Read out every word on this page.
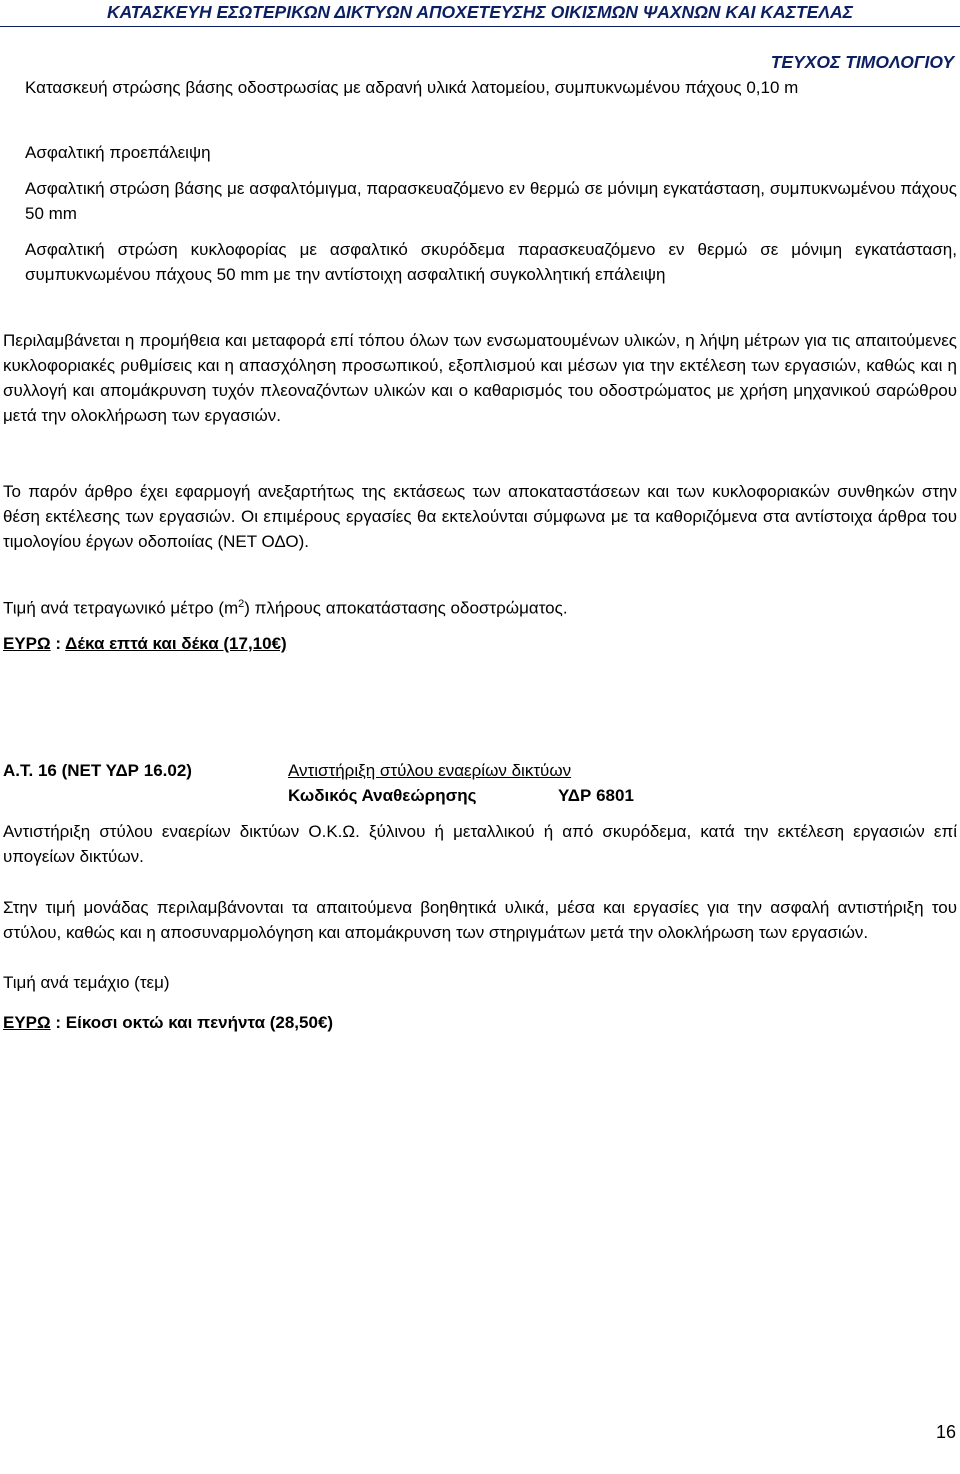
ΚΑΤΑΣΚΕΥΗ ΕΣΩΤΕΡΙΚΩΝ ΔΙΚΤΥΩΝ ΑΠΟΧΕΤΕΥΣΗΣ ΟΙΚΙΣΜΩΝ ΨΑΧΝΩΝ ΚΑΙ ΚΑΣΤΕΛΑΣ
ΤΕΥΧΟΣ ΤΙΜΟΛΟΓΙΟΥ
Κατασκευή στρώσης βάσης οδοστρωσίας με αδρανή υλικά λατομείου, συμπυκνωμένου πάχους 0,10 m
Ασφαλτική προεπάλειψη
Ασφαλτική στρώση βάσης με ασφαλτόμιγμα, παρασκευαζόμενο εν θερμώ σε μόνιμη εγκατάσταση, συμπυκνωμένου πάχους 50 mm
Ασφαλτική στρώση κυκλοφορίας με ασφαλτικό σκυρόδεμα παρασκευαζόμενο εν θερμώ σε μόνιμη εγκατάσταση, συμπυκνωμένου πάχους 50 mm με την αντίστοιχη ασφαλτική συγκολλητική επάλειψη
Περιλαμβάνεται η προμήθεια και μεταφορά επί τόπου όλων των ενσωματουμένων υλικών, η λήψη μέτρων για τις απαιτούμενες κυκλοφοριακές ρυθμίσεις και η απασχόληση προσωπικού, εξοπλισμού και μέσων για την εκτέλεση των εργασιών, καθώς και η συλλογή και απομάκρυνση τυχόν πλεοναζόντων υλικών και ο καθαρισμός του οδοστρώματος με χρήση μηχανικού σαρώθρου μετά την ολοκλήρωση των εργασιών.
Το παρόν άρθρο έχει εφαρμογή ανεξαρτήτως της εκτάσεως των αποκαταστάσεων και των κυκλοφοριακών συνθηκών στην θέση εκτέλεσης των εργασιών. Οι επιμέρους εργασίες θα εκτελούνται σύμφωνα με τα καθοριζόμενα στα αντίστοιχα άρθρα του τιμολογίου έργων οδοποιίας (ΝΕΤ ΟΔΟ).
Τιμή ανά τετραγωνικό μέτρο $(m^2)$ πλήρους αποκατάστασης οδοστρώματος.
ΕΥΡΩ : Δέκα επτά και δέκα (17,10€)
Α.Τ. 16 (ΝΕΤ ΥΔΡ 16.02)	Αντιστήριξη στύλου εναερίων δικτύων
Κωδικός Αναθεώρησης	ΥΔΡ 6801
Αντιστήριξη στύλου εναερίων δικτύων Ο.Κ.Ω. ξύλινου ή μεταλλικού ή από σκυρόδεμα, κατά την εκτέλεση εργασιών επί υπογείων δικτύων.
Στην τιμή μονάδας περιλαμβάνονται τα απαιτούμενα βοηθητικά υλικά, μέσα και εργασίες για την ασφαλή αντιστήριξη του στύλου, καθώς και η αποσυναρμολόγηση και απομάκρυνση των στηριγμάτων μετά την ολοκλήρωση των εργασιών.
Τιμή ανά τεμάχιο (τεμ)
ΕΥΡΩ : Είκοσι οκτώ και πενήντα (28,50€)
16
